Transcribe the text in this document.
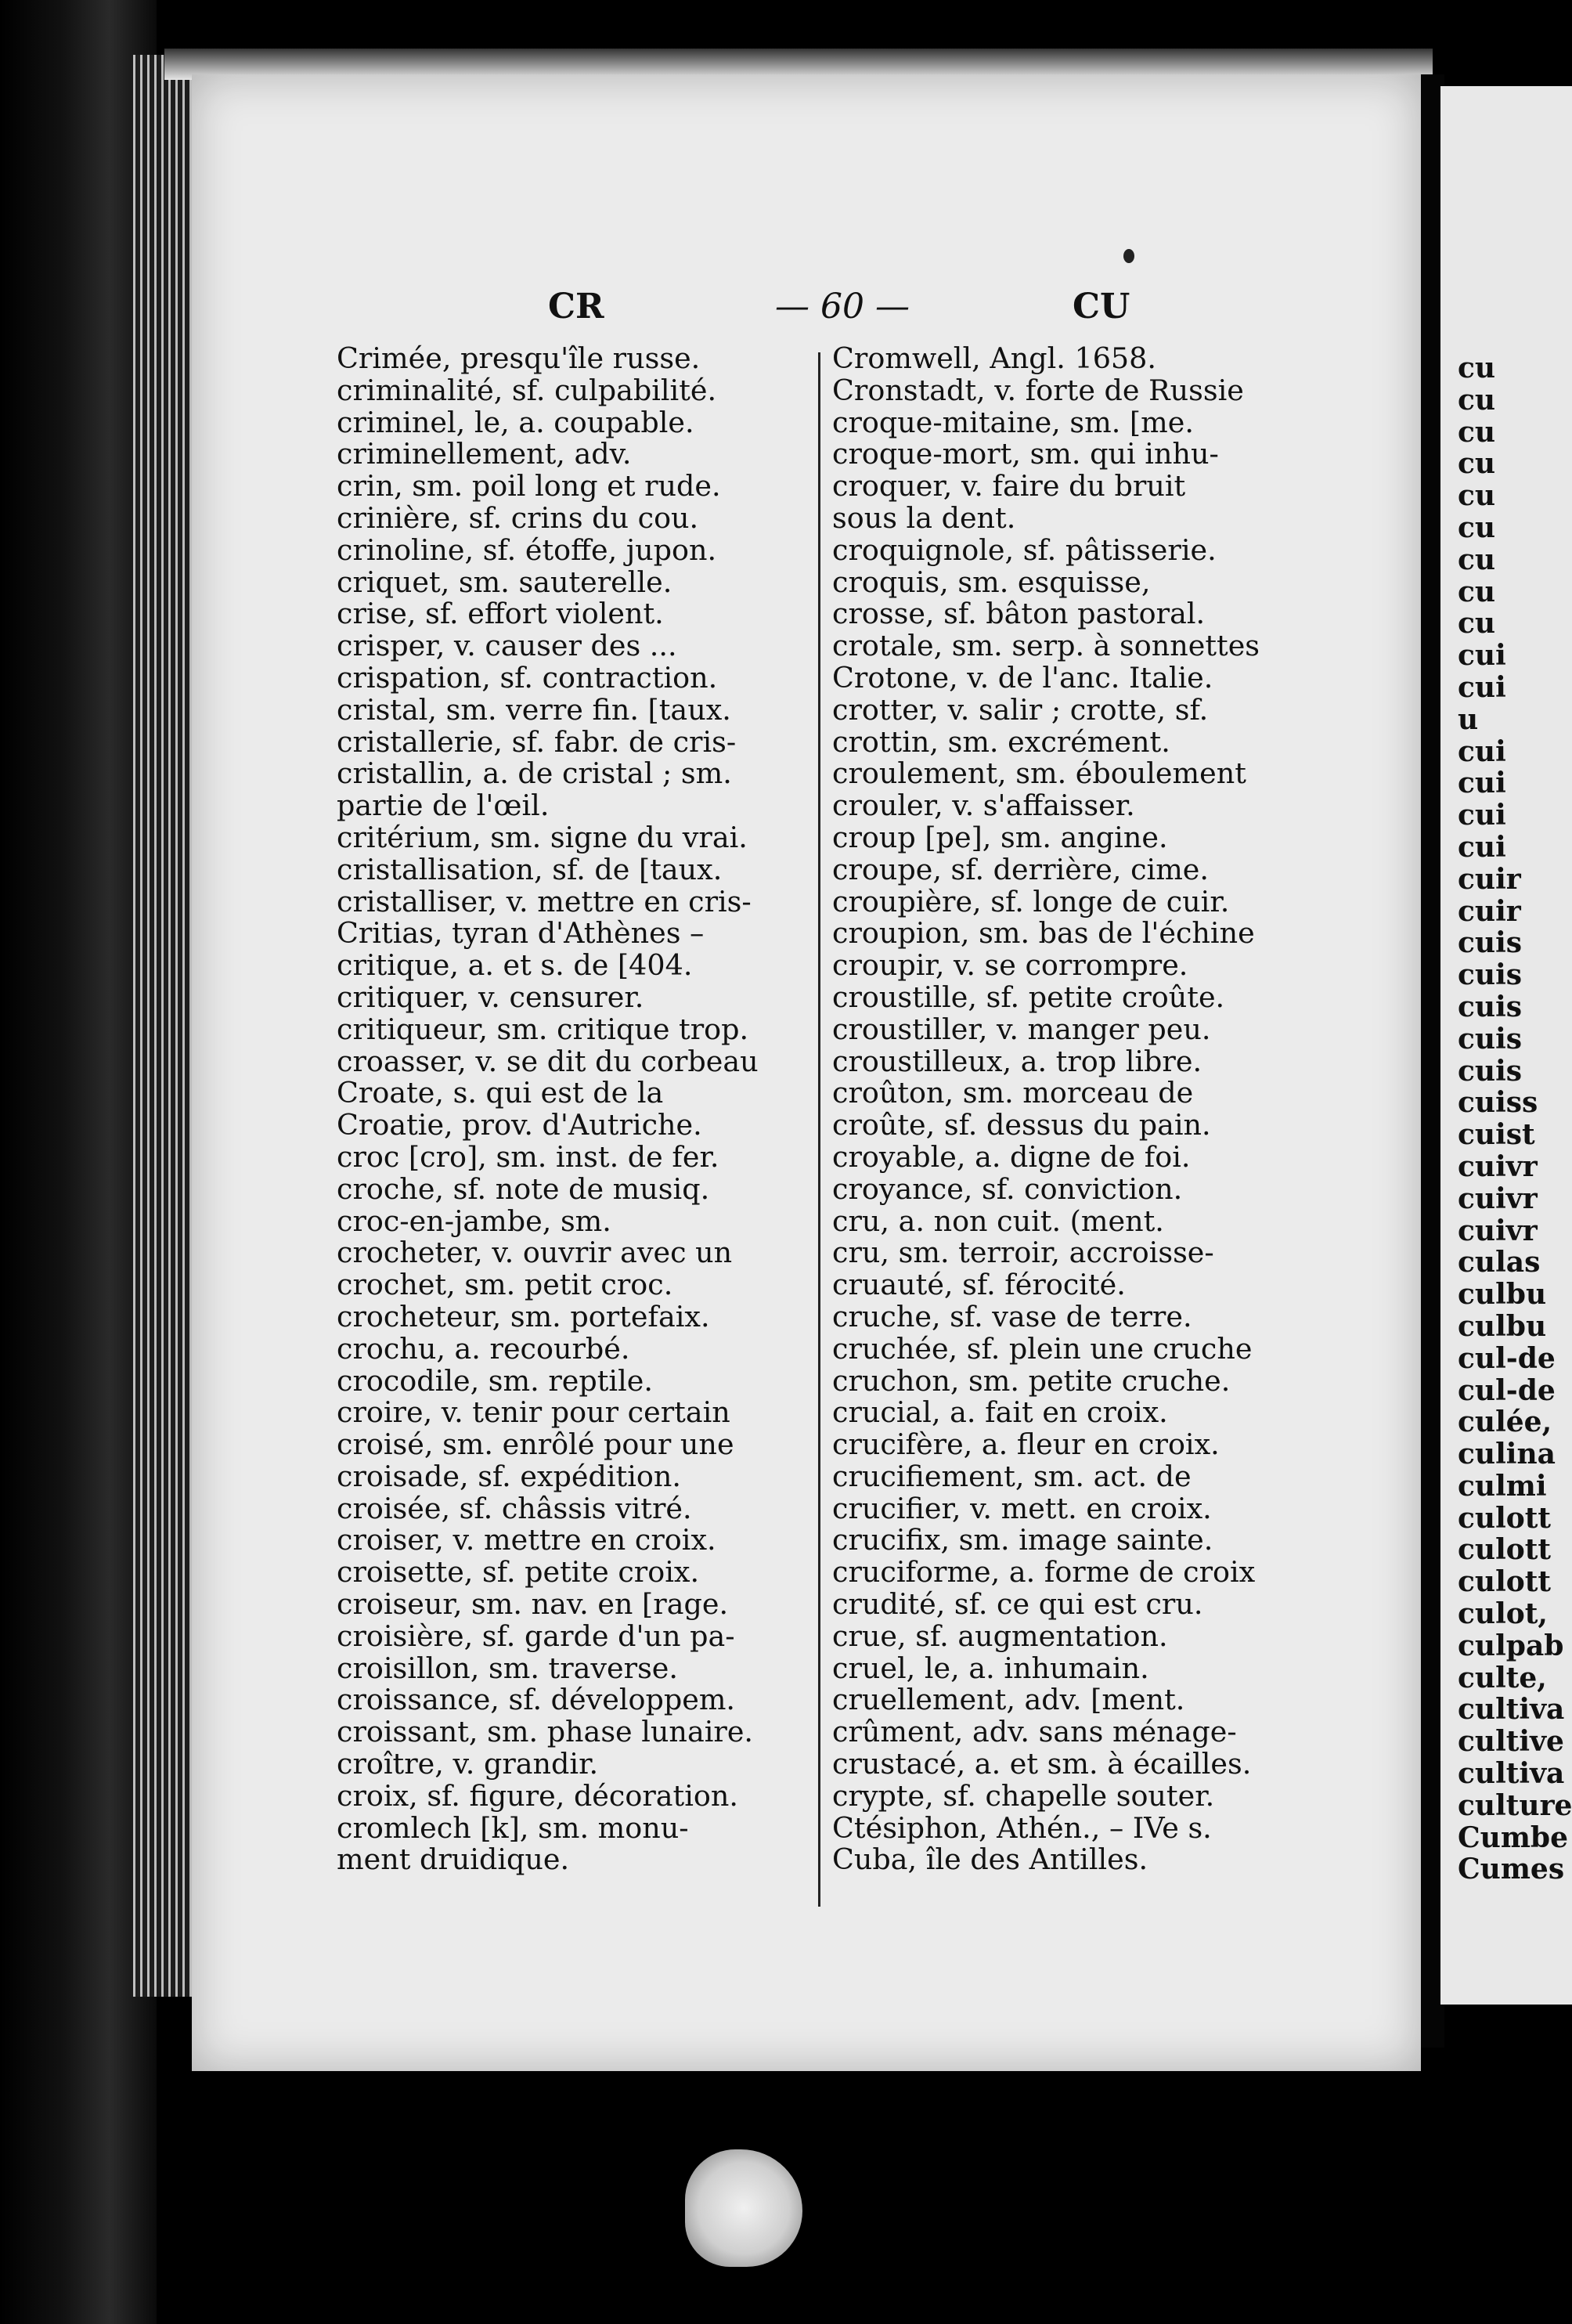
CR	— 60 —	CU
Crimée, presqu'île russe.
criminalité, sf. culpabilité.
criminel, le, a. coupable.
criminellement, adv.
crin, sm. poil long et rude.
crinière, sf. crins du cou.
crinoline, sf. étoffe, jupon.
criquet, sm. sauterelle.
crise, sf. effort violent.
crisper, v. causer des ...
crispation, sf. contraction.
cristal, sm. verre fin. [taux.
cristallerie, sf. fabr. de cris-
cristallin, a. de cristal ; sm.
partie de l'œil.
critérium, sm. signe du vrai.
cristallisation, sf. de [taux.
cristalliser, v. mettre en cris-
Critias, tyran d'Athènes –
critique, a. et s. de [404.
critiquer, v. censurer.
critiqueur, sm. critique trop.
croasser, v. se dit du corbeau
Croate, s. qui est de la
Croatie, prov. d'Autriche.
croc [cro], sm. inst. de fer.
croche, sf. note de musiq.
croc-en-jambe, sm.
crocheter, v. ouvrir avec un
crochet, sm. petit croc.
crocheteur, sm. portefaix.
crochu, a. recourbé.
crocodile, sm. reptile.
croire, v. tenir pour certain
croisé, sm. enrôlé pour une
croisade, sf. expédition.
croisée, sf. châssis vitré.
croiser, v. mettre en croix.
croisette, sf. petite croix.
croiseur, sm. nav. en [rage.
croisière, sf. garde d'un pa-
croisillon, sm. traverse.
croissance, sf. développem.
croissant, sm. phase lunaire.
croître, v. grandir.
croix, sf. figure, décoration.
cromlech [k], sm. monu-
ment druidique.
Cromwell, Angl. 1658.
Cronstadt, v. forte de Russie
croque-mitaine, sm. [me.
croque-mort, sm. qui inhu-
croquer, v. faire du bruit
sous la dent.
croquignole, sf. pâtisserie.
croquis, sm. esquisse,
crosse, sf. bâton pastoral.
crotale, sm. serp. à sonnettes
Crotone, v. de l'anc. Italie.
crotter, v. salir ; crotte, sf.
crottin, sm. excrément.
croulement, sm. éboulement
crouler, v. s'affaisser.
croup [pe], sm. angine.
croupe, sf. derrière, cime.
croupière, sf. longe de cuir.
croupion, sm. bas de l'échine
croupir, v. se corrompre.
croustille, sf. petite croûte.
croustiller, v. manger peu.
croustilleux, a. trop libre.
croûton, sm. morceau de
croûte, sf. dessus du pain.
croyable, a. digne de foi.
croyance, sf. conviction.
cru, a. non cuit. (ment.
cru, sm. terroir, accroisse-
cruauté, sf. férocité.
cruche, sf. vase de terre.
cruchée, sf. plein une cruche
cruchon, sm. petite cruche.
crucial, a. fait en croix.
crucifère, a. fleur en croix.
crucifiement, sm. act. de
crucifier, v. mett. en croix.
crucifix, sm. image sainte.
cruciforme, a. forme de croix
crudité, sf. ce qui est cru.
crue, sf. augmentation.
cruel, le, a. inhumain.
cruellement, adv. [ment.
crûment, adv. sans ménage-
crustacé, a. et sm. à écailles.
crypte, sf. chapelle souter.
Ctésiphon, Athén., – IVe s.
Cuba, île des Antilles.
cu
cu
cu
cu
cu
cu
cu
cu
cu
cui
cui
u
cui
cui
cui
cui
cuir
cuir
cuis
cuis
cuis
cuis
cuis
cuiss
cuist
cuivr
cuivr
cuivr
culas
culbu
culbu
cul-de
cul-de
culée,
culina
culmi
culott
culott
culott
culot,
culpab
culte,
cultiva
cultive
cultiva
culture
Cumbe
Cumes
